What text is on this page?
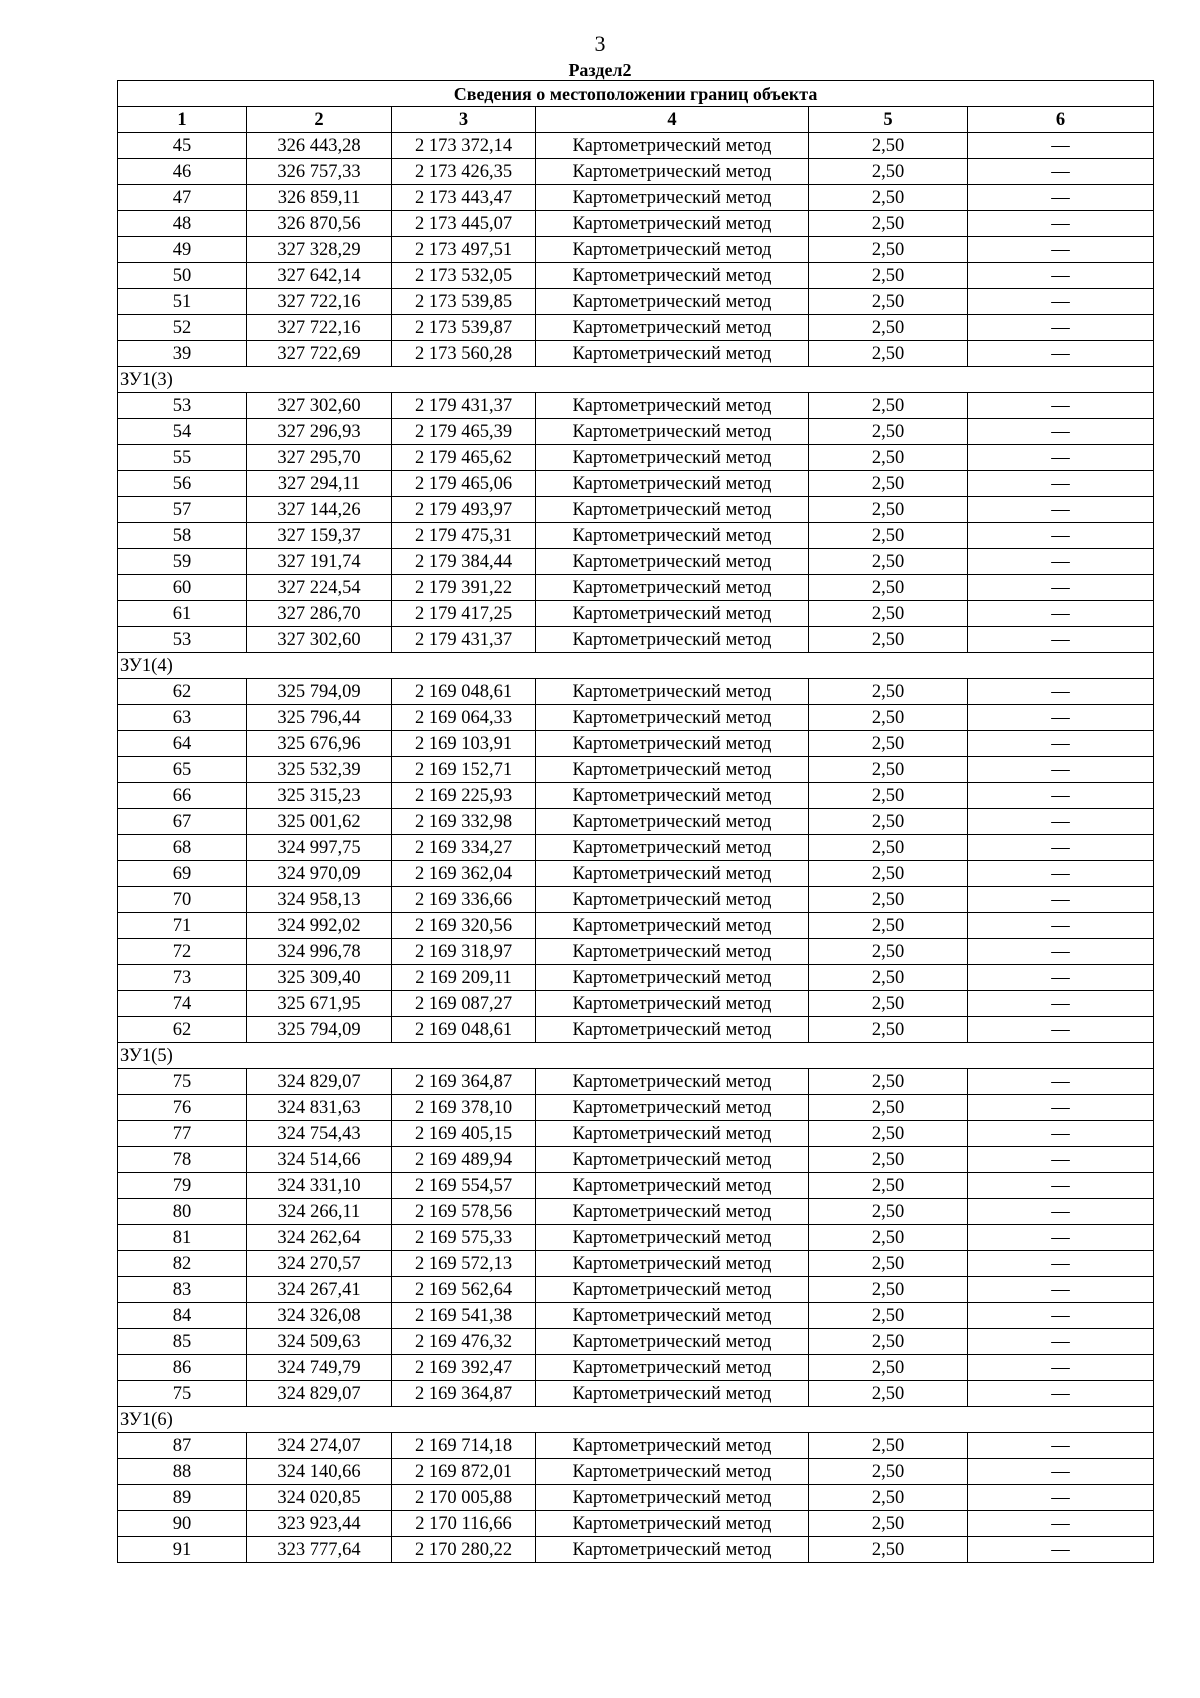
3
Раздел2
Сведения о местоположении границ объекта					
1	2	3	4	5	6
45	326 443,28	2 173 372,14	Картометрический метод	2,50	—
46	326 757,33	2 173 426,35	Картометрический метод	2,50	—
47	326 859,11	2 173 443,47	Картометрический метод	2,50	—
48	326 870,56	2 173 445,07	Картометрический метод	2,50	—
49	327 328,29	2 173 497,51	Картометрический метод	2,50	—
50	327 642,14	2 173 532,05	Картометрический метод	2,50	—
51	327 722,16	2 173 539,85	Картометрический метод	2,50	—
52	327 722,16	2 173 539,87	Картометрический метод	2,50	—
39	327 722,69	2 173 560,28	Картометрический метод	2,50	—
ЗУ1(3)					
53	327 302,60	2 179 431,37	Картометрический метод	2,50	—
54	327 296,93	2 179 465,39	Картометрический метод	2,50	—
55	327 295,70	2 179 465,62	Картометрический метод	2,50	—
56	327 294,11	2 179 465,06	Картометрический метод	2,50	—
57	327 144,26	2 179 493,97	Картометрический метод	2,50	—
58	327 159,37	2 179 475,31	Картометрический метод	2,50	—
59	327 191,74	2 179 384,44	Картометрический метод	2,50	—
60	327 224,54	2 179 391,22	Картометрический метод	2,50	—
61	327 286,70	2 179 417,25	Картометрический метод	2,50	—
53	327 302,60	2 179 431,37	Картометрический метод	2,50	—
ЗУ1(4)					
62	325 794,09	2 169 048,61	Картометрический метод	2,50	—
63	325 796,44	2 169 064,33	Картометрический метод	2,50	—
64	325 676,96	2 169 103,91	Картометрический метод	2,50	—
65	325 532,39	2 169 152,71	Картометрический метод	2,50	—
66	325 315,23	2 169 225,93	Картометрический метод	2,50	—
67	325 001,62	2 169 332,98	Картометрический метод	2,50	—
68	324 997,75	2 169 334,27	Картометрический метод	2,50	—
69	324 970,09	2 169 362,04	Картометрический метод	2,50	—
70	324 958,13	2 169 336,66	Картометрический метод	2,50	—
71	324 992,02	2 169 320,56	Картометрический метод	2,50	—
72	324 996,78	2 169 318,97	Картометрический метод	2,50	—
73	325 309,40	2 169 209,11	Картометрический метод	2,50	—
74	325 671,95	2 169 087,27	Картометрический метод	2,50	—
62	325 794,09	2 169 048,61	Картометрический метод	2,50	—
ЗУ1(5)					
75	324 829,07	2 169 364,87	Картометрический метод	2,50	—
76	324 831,63	2 169 378,10	Картометрический метод	2,50	—
77	324 754,43	2 169 405,15	Картометрический метод	2,50	—
78	324 514,66	2 169 489,94	Картометрический метод	2,50	—
79	324 331,10	2 169 554,57	Картометрический метод	2,50	—
80	324 266,11	2 169 578,56	Картометрический метод	2,50	—
81	324 262,64	2 169 575,33	Картометрический метод	2,50	—
82	324 270,57	2 169 572,13	Картометрический метод	2,50	—
83	324 267,41	2 169 562,64	Картометрический метод	2,50	—
84	324 326,08	2 169 541,38	Картометрический метод	2,50	—
85	324 509,63	2 169 476,32	Картометрический метод	2,50	—
86	324 749,79	2 169 392,47	Картометрический метод	2,50	—
75	324 829,07	2 169 364,87	Картометрический метод	2,50	—
ЗУ1(6)					
87	324 274,07	2 169 714,18	Картометрический метод	2,50	—
88	324 140,66	2 169 872,01	Картометрический метод	2,50	—
89	324 020,85	2 170 005,88	Картометрический метод	2,50	—
90	323 923,44	2 170 116,66	Картометрический метод	2,50	—
91	323 777,64	2 170 280,22	Картометрический метод	2,50	—
